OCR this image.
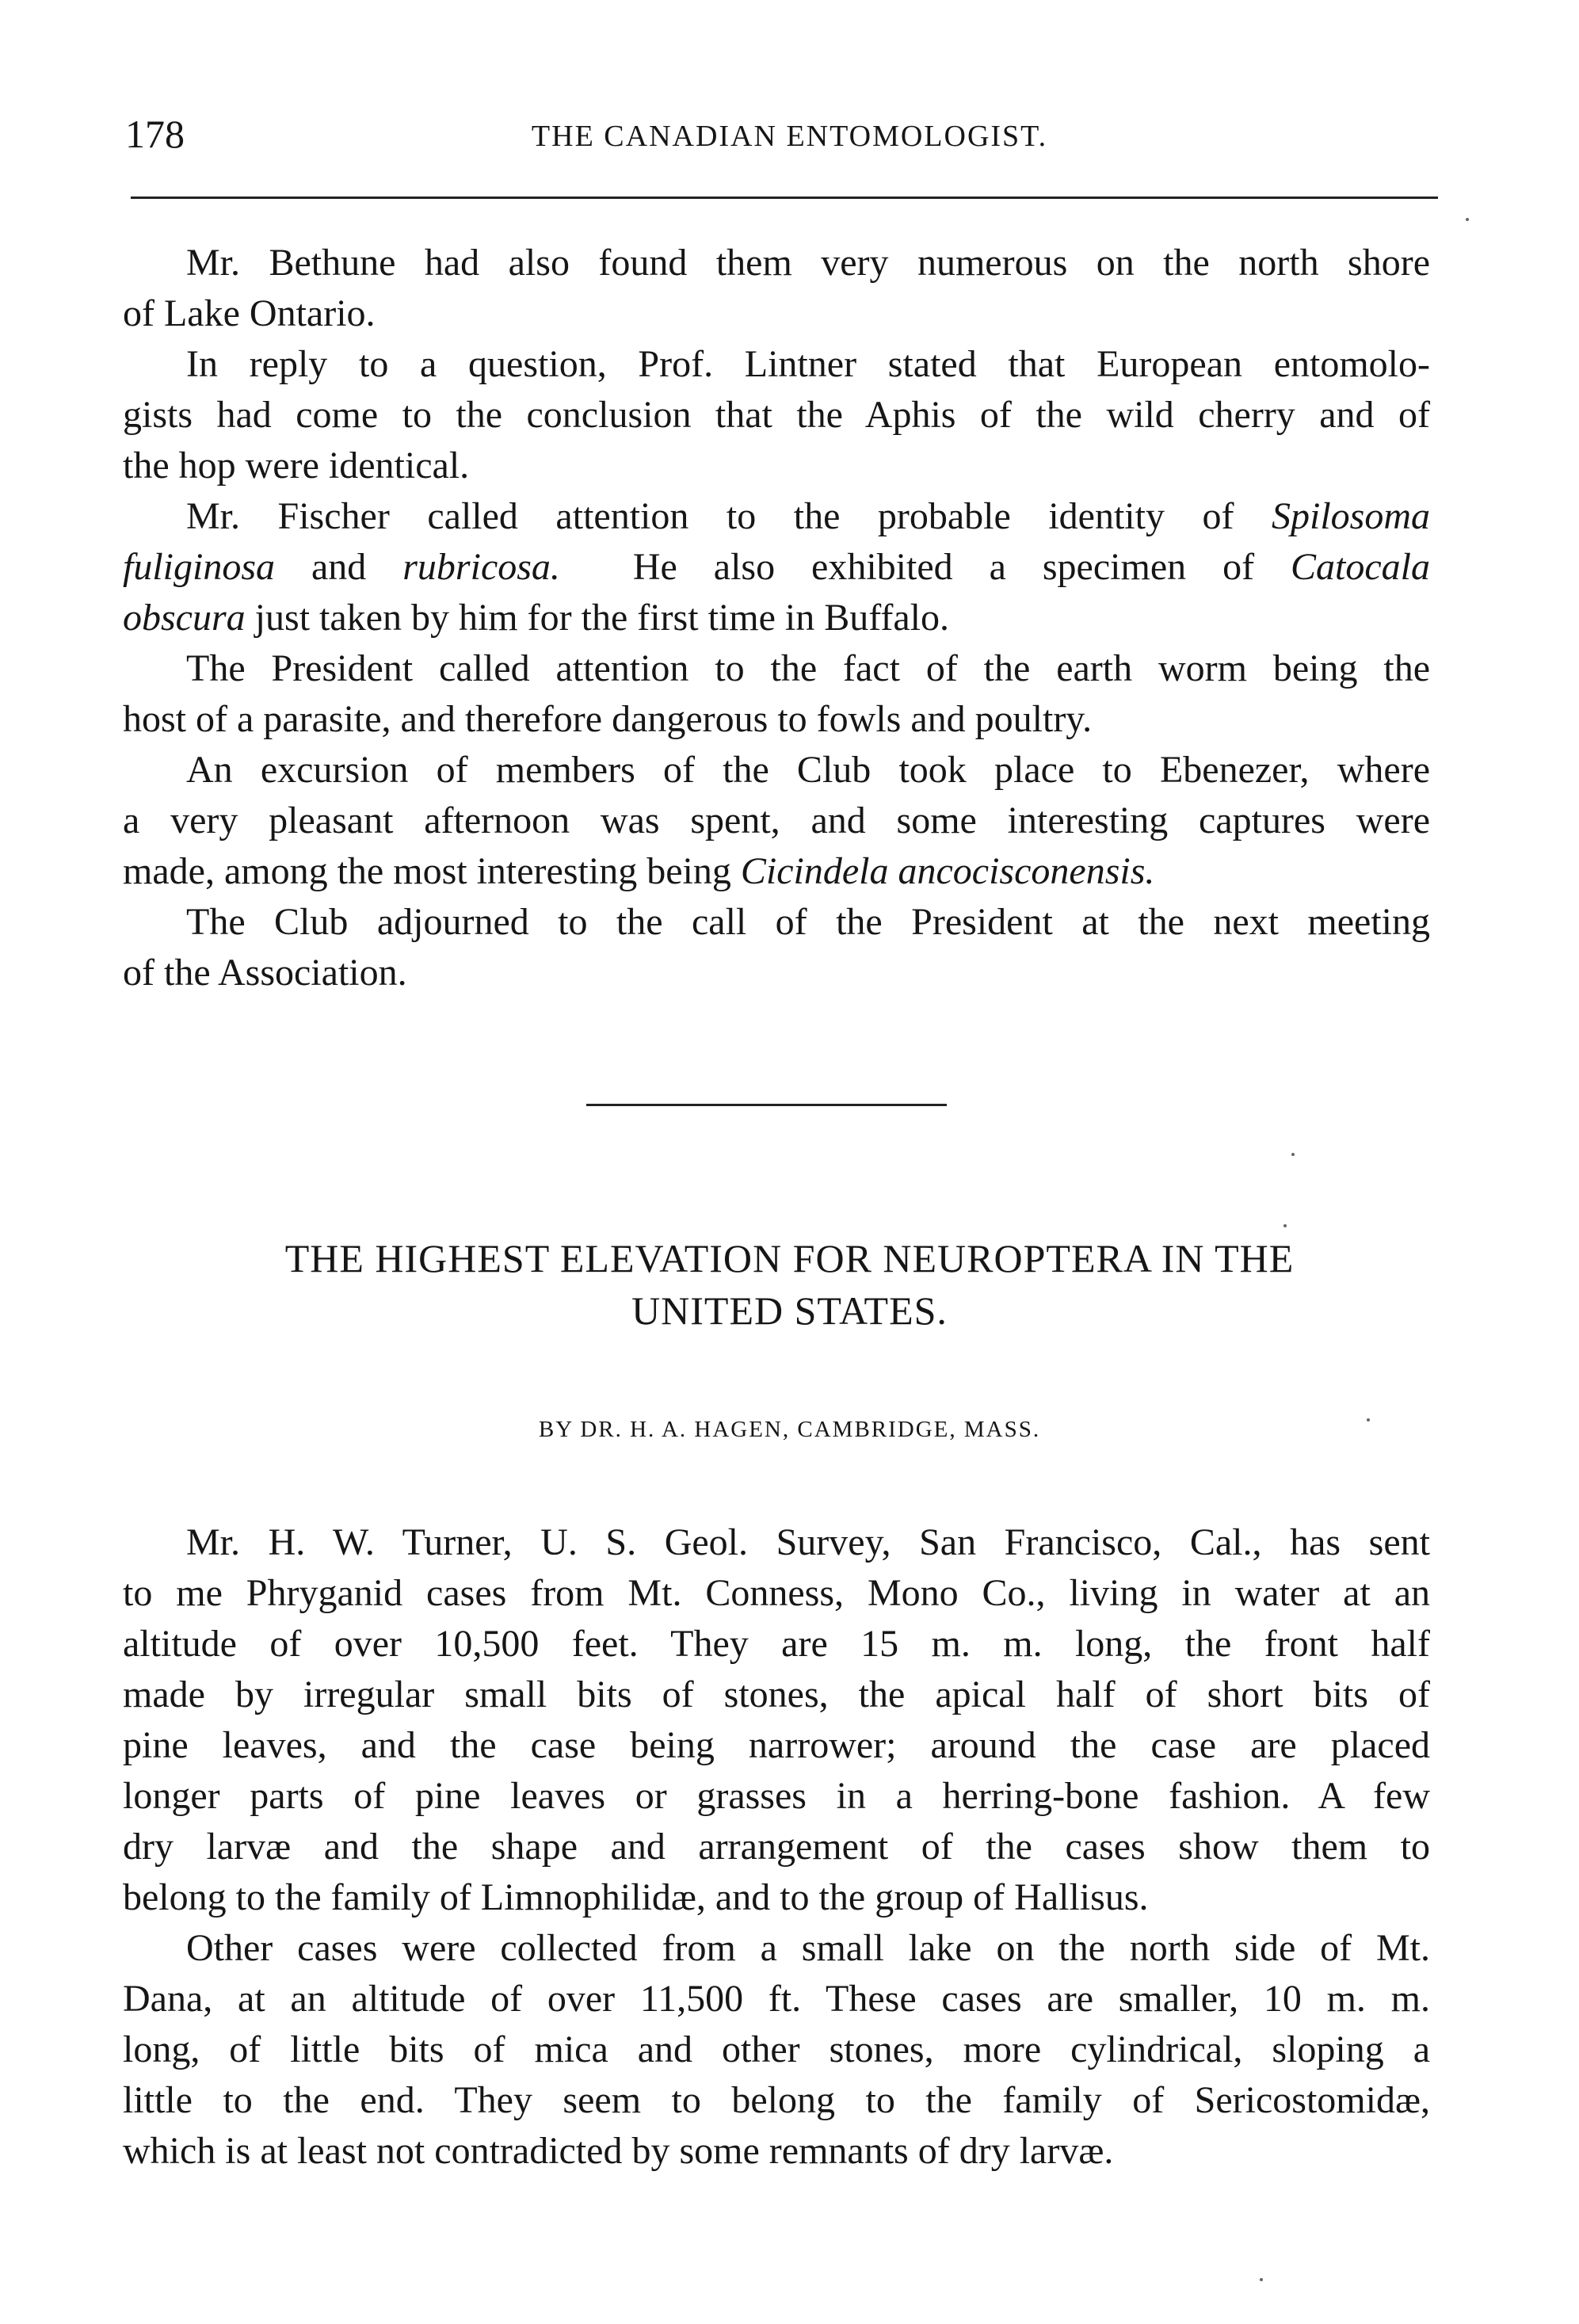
178	THE CANADIAN ENTOMOLOGIST.
Mr. Bethune had also found them very numerous on the north shore
of Lake Ontario.
In reply to a question, Prof. Lintner stated that European entomolo-
gists had come to the conclusion that the Aphis of the wild cherry and of
the hop were identical.
Mr. Fischer called attention to the probable identity of Spilosoma
fuliginosa and rubricosa. He also exhibited a specimen of Catocala
obscura just taken by him for the first time in Buffalo.
The President called attention to the fact of the earth worm being the
host of a parasite, and therefore dangerous to fowls and poultry.
An excursion of members of the Club took place to Ebenezer, where
a very pleasant afternoon was spent, and some interesting captures were
made, among the most interesting being Cicindela ancocisconensis.
The Club adjourned to the call of the President at the next meeting
of the Association.
THE HIGHEST ELEVATION FOR NEUROPTERA IN THE
UNITED STATES.
BY DR. H. A. HAGEN, CAMBRIDGE, MASS.
Mr. H. W. Turner, U. S. Geol. Survey, San Francisco, Cal., has sent
to me Phryganid cases from Mt. Conness, Mono Co., living in water at an
altitude of over 10,500 feet. They are 15 m. m. long, the front half
made by irregular small bits of stones, the apical half of short bits of
pine leaves, and the case being narrower; around the case are placed
longer parts of pine leaves or grasses in a herring-bone fashion. A few
dry larvæ and the shape and arrangement of the cases show them to
belong to the family of Limnophilidæ, and to the group of Hallisus.
Other cases were collected from a small lake on the north side of Mt.
Dana, at an altitude of over 11,500 ft. These cases are smaller, 10 m. m.
long, of little bits of mica and other stones, more cylindrical, sloping a
little to the end. They seem to belong to the family of Sericostomidæ,
which is at least not contradicted by some remnants of dry larvæ.
